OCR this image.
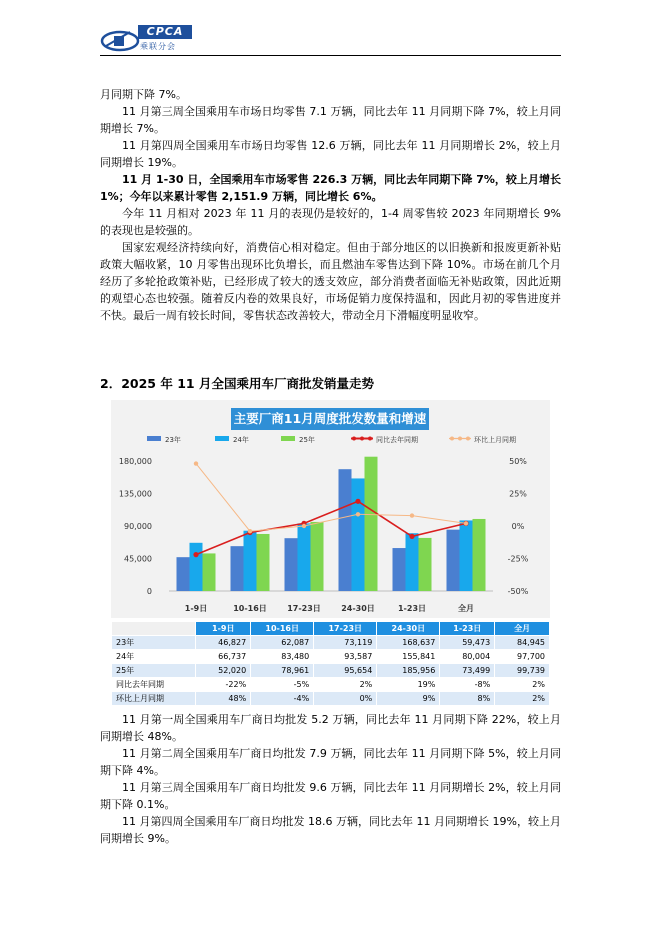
CPCA
乘联分会

月同期下降 7%。

11 月第三周全国乘用车市场日均零售 7.1 万辆，同比去年 11 月同期下降 7%，较上月同期增长 7%。

11 月第四周全国乘用车市场日均零售 12.6 万辆，同比去年 11 月同期增长 2%，较上月同期增长 19%。

11 月 1-30 日，全国乘用车市场零售 226.3 万辆，同比去年同期下降 7%，较上月增长 1%；今年以来累计零售 2,151.9 万辆，同比增长 6%。

今年 11 月相对 2023 年 11 月的表现仍是较好的，1-4 周零售较 2023 年同期增长 9%的表现也是较强的。

国家宏观经济持续向好，消费信心相对稳定。但由于部分地区的以旧换新和报废更新补贴政策大幅收紧，10 月零售出现环比负增长，而且燃油车零售达到下降 10%。市场在前几个月经历了多轮抢政策补贴，已经形成了较大的透支效应，部分消费者面临无补贴政策，因此近期的观望心态也较强。随着反内卷的效果良好，市场促销力度保持温和，因此月初的零售进度并不快。最后一周有较长时间，零售状态改善较大，带动全月下滑幅度明显收窄。

2．2025 年 11 月全国乘用车厂商批发销量走势
主要厂商11月周度批发数量和增速
23年	24年	25年	同比去年同期	环比上月同期
180,000
135,000
90,000
45,000
0
50%
25%
0%
-25%
-50%
1-9日	10-16日	17-23日	24-30日	1-23日	全月
	1-9日	10-16日	17-23日	24-30日	1-23日	全月
23年	46,827	62,087	73,119	168,637	59,473	84,945
24年	66,737	83,480	93,587	155,841	80,004	97,700
25年	52,020	78,961	95,654	185,956	73,499	99,739
同比去年同期	-22%	-5%	2%	19%	-8%	2%
环比上月同期	48%	-4%	0%	9%	8%	2%

11 月第一周全国乘用车厂商日均批发 5.2 万辆，同比去年 11 月同期下降 22%，较上月同期增长 48%。

11 月第二周全国乘用车厂商日均批发 7.9 万辆，同比去年 11 月同期下降 5%，较上月同期下降 4%。

11 月第三周全国乘用车厂商日均批发 9.6 万辆，同比去年 11 月同期增长 2%，较上月同期下降 0.1%。

11 月第四周全国乘用车厂商日均批发 18.6 万辆，同比去年 11 月同期增长 19%，较上月同期增长 9%。
